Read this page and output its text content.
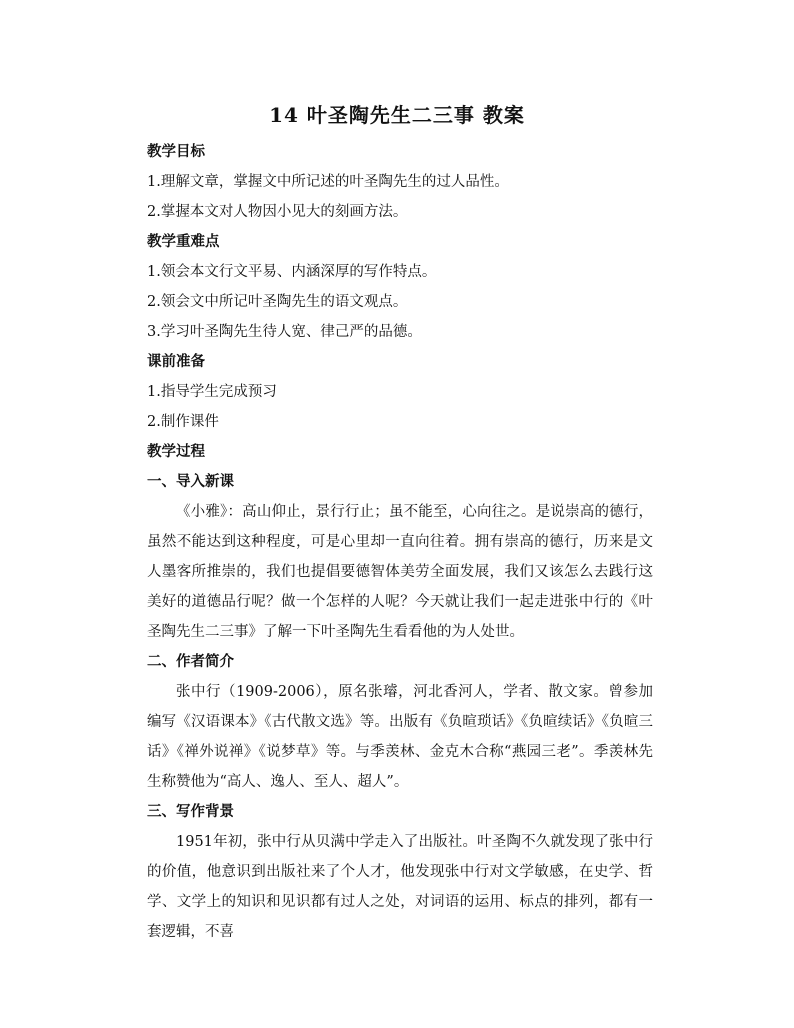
14 叶圣陶先生二三事 教案

教学目标

1.理解文章，掌握文中所记述的叶圣陶先生的过人品性。

2.掌握本文对人物因小见大的刻画方法。

教学重难点

1.领会本文行文平易、内涵深厚的写作特点。

2.领会文中所记叶圣陶先生的语文观点。

3.学习叶圣陶先生待人宽、律己严的品德。

课前准备

1.指导学生完成预习

2.制作课件

教学过程

一、导入新课

《小雅》：高山仰止，景行行止；虽不能至，心向往之。是说崇高的德行，虽然不能达到这种程度，可是心里却一直向往着。拥有崇高的德行，历来是文人墨客所推崇的，我们也提倡要德智体美劳全面发展，我们又该怎么去践行这美好的道德品行呢？做一个怎样的人呢？今天就让我们一起走进张中行的《叶圣陶先生二三事》了解一下叶圣陶先生看看他的为人处世。

二、作者简介

张中行（1909-2006），原名张璿，河北香河人，学者、散文家。曾参加编写《汉语课本》《古代散文选》等。出版有《负暄琐话》《负暄续话》《负暄三话》《禅外说禅》《说梦草》等。与季羡林、金克木合称“燕园三老”。季羡林先生称赞他为“高人、逸人、至人、超人”。

三、写作背景

1951年初，张中行从贝满中学走入了出版社。叶圣陶不久就发现了张中行的价值，他意识到出版社来了个人才，他发现张中行对文学敏感，在史学、哲学、文学上的知识和见识都有过人之处，对词语的运用、标点的排列，都有一套逻辑，不喜
